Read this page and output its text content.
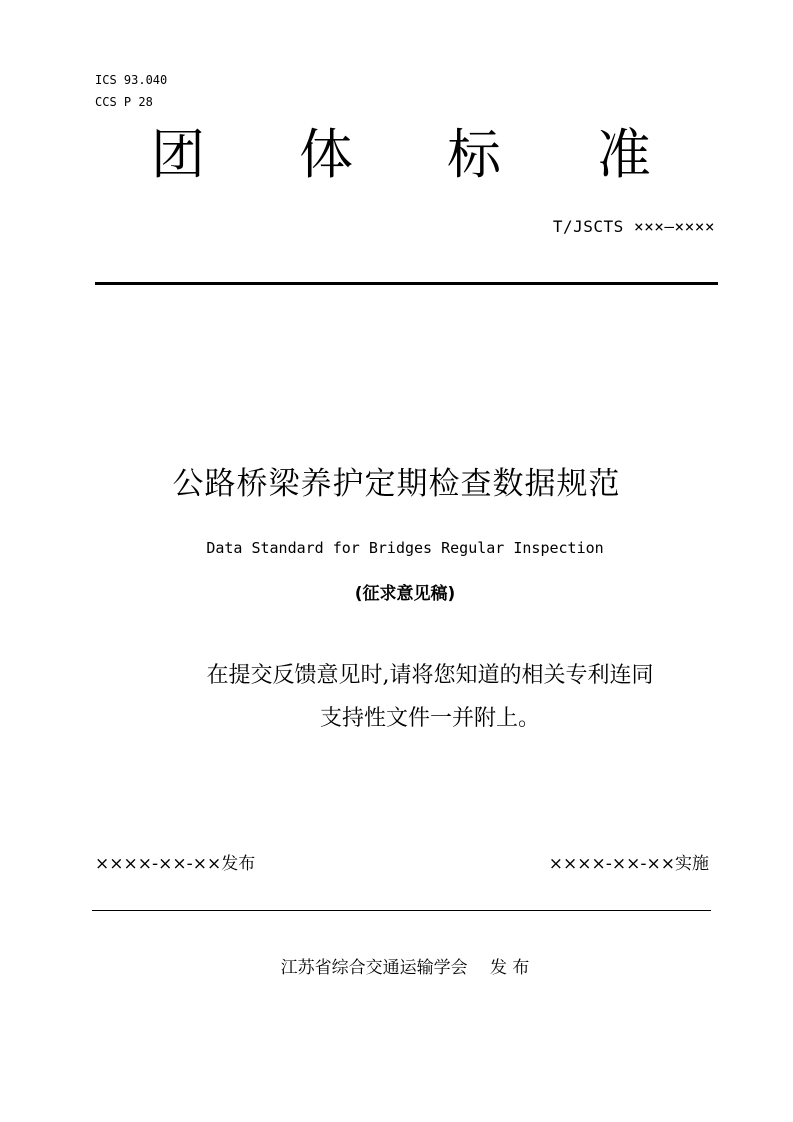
ICS 93.040
CCS P 28
团 体 标 准
T/JSCTS ×××—××××
公路桥梁养护定期检查数据规范
Data Standard for Bridges Regular Inspection
(征求意见稿)
在提交反馈意见时,请将您知道的相关专利连同
支持性文件一并附上。
××××-××-××发布	××××-××-××实施
江苏省综合交通运输学会　 发 布
